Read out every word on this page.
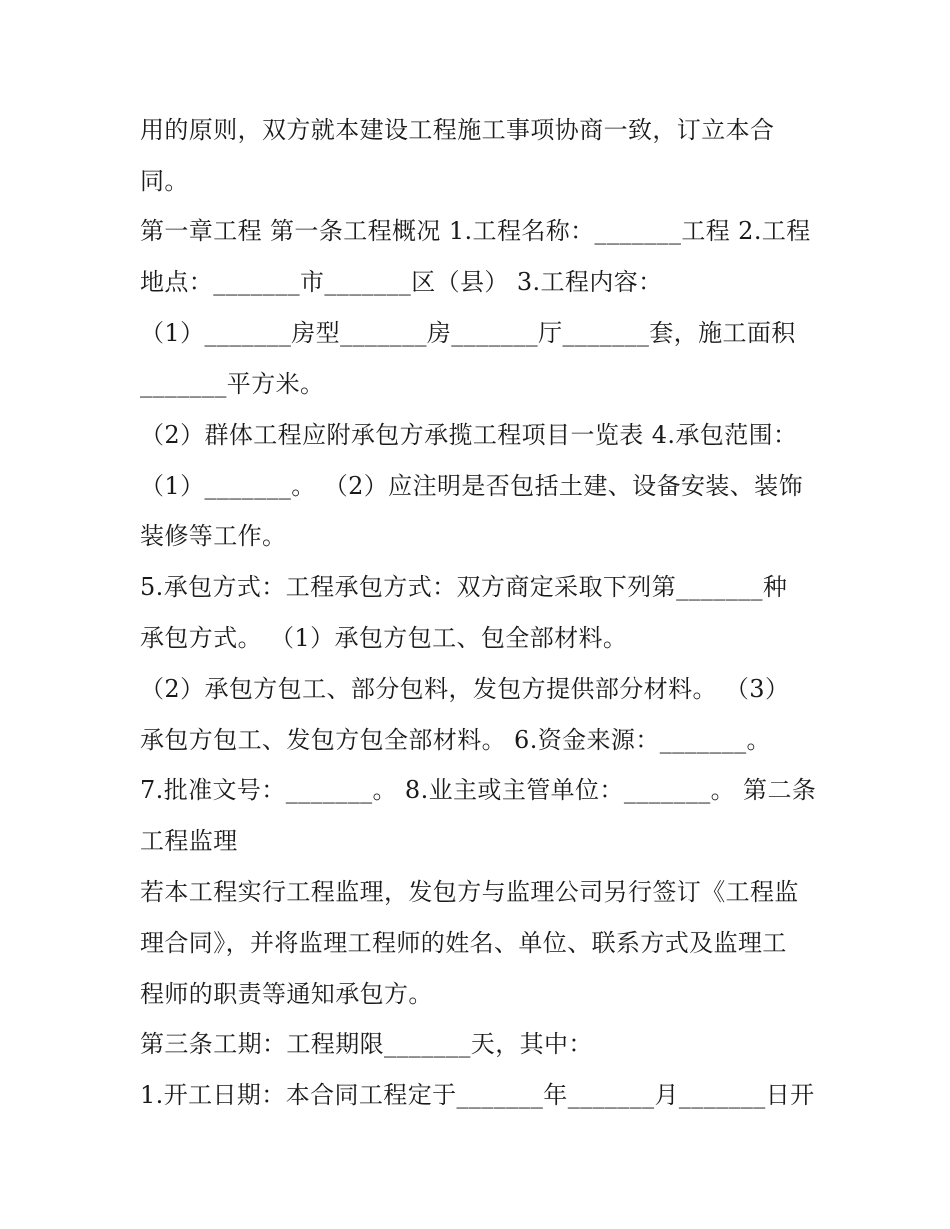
用的原则，双方就本建设工程施工事项协商一致，订立本合
同。
第一章工程 第一条工程概况 1.工程名称：_______工程 2.工程
地点：_______市_______区（县） 3.工程内容：
（1）_______房型_______房_______厅_______套，施工面积
_______平方米。
（2）群体工程应附承包方承揽工程项目一览表 4.承包范围：
（1）_______。 （2）应注明是否包括土建、设备安装、装饰
装修等工作。
5.承包方式：工程承包方式：双方商定采取下列第_______种
承包方式。 （1）承包方包工、包全部材料。
（2）承包方包工、部分包料，发包方提供部分材料。 （3）
承包方包工、发包方包全部材料。 6.资金来源：_______。
7.批准文号：_______。 8.业主或主管单位：_______。 第二条
工程监理
若本工程实行工程监理，发包方与监理公司另行签订《工程监
理合同》，并将监理工程师的姓名、单位、联系方式及监理工
程师的职责等通知承包方。
第三条工期：工程期限_______天，其中：
1.开工日期：本合同工程定于_______年_______月_______日开
